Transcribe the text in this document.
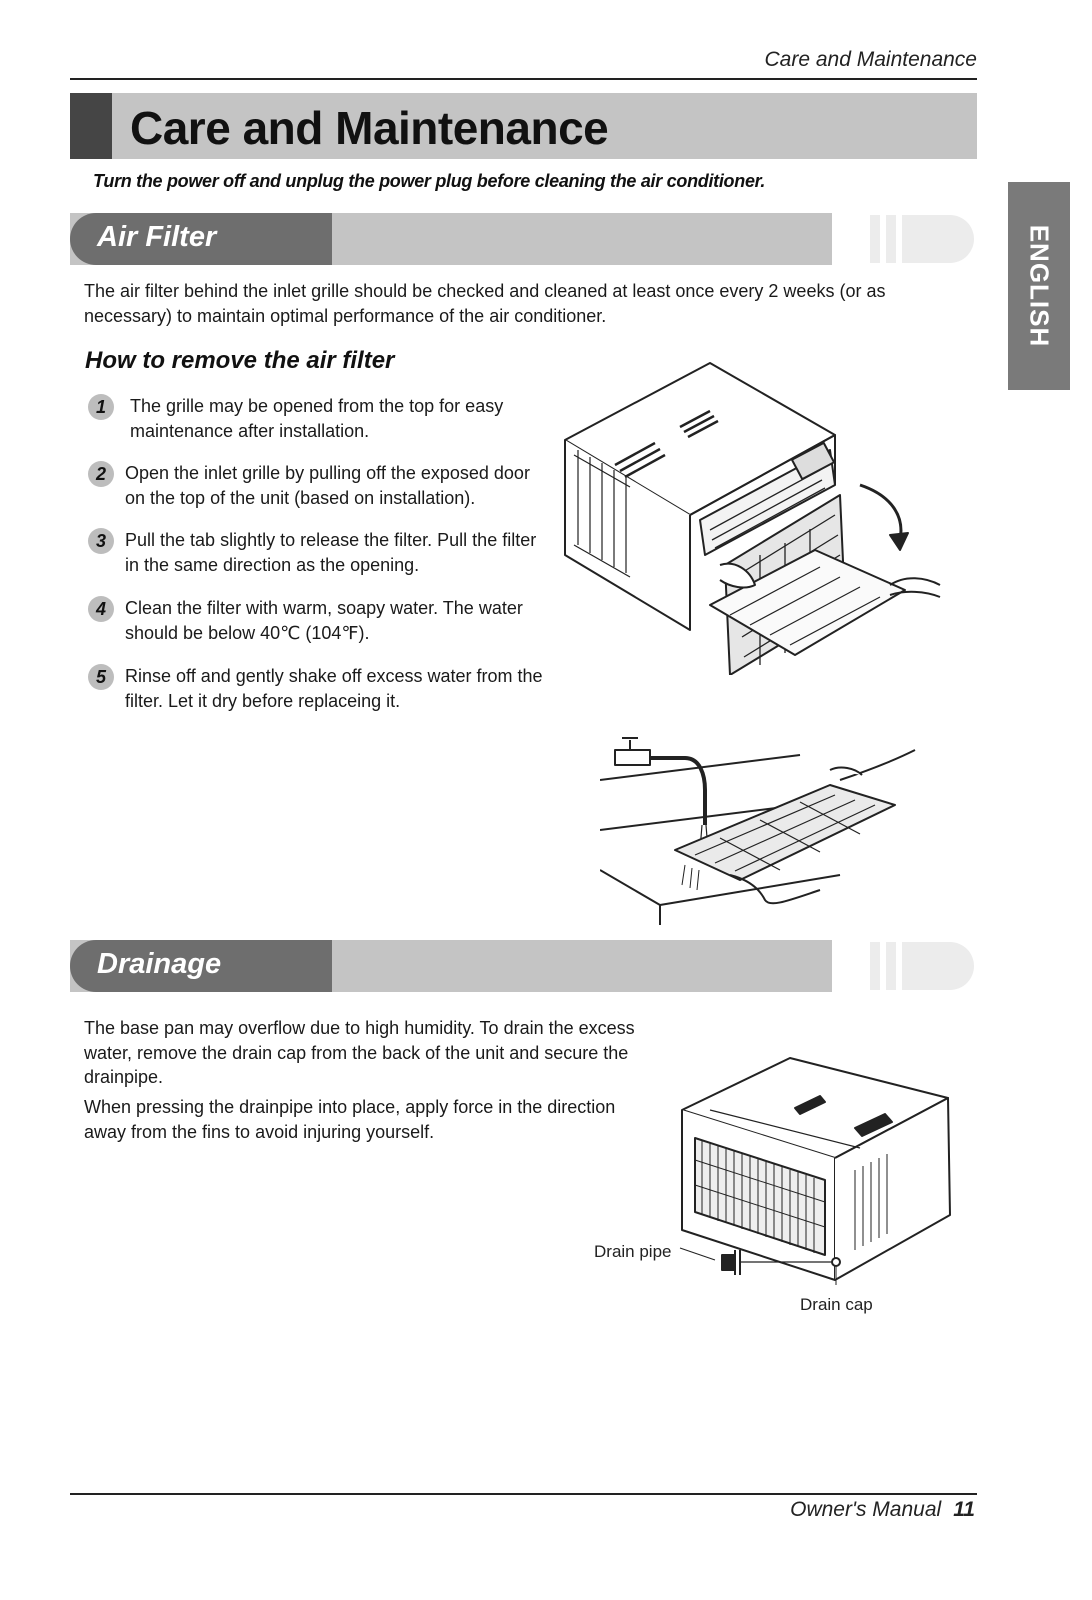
Care and Maintenance
Care and Maintenance
Turn the power off and unplug the power plug before cleaning the air conditioner.
ENGLISH
Air Filter
The air filter behind the inlet grille should be checked and cleaned at least once every 2 weeks (or as
necessary) to maintain optimal performance of the air conditioner.
How to remove the air filter
1	The grille may be opened from the top for easy
maintenance after installation.
2	Open the inlet grille by pulling off the exposed door
on the top of the unit (based on installation).
3	Pull the tab slightly to release the filter. Pull the filter
in the same direction as the opening.
4	Clean the filter with warm, soapy water. The water
should be below 40℃ (104℉).
5	Rinse off and gently shake off excess water from the
filter. Let it dry before replaceing it.
Drainage
The base pan may overflow due to high humidity. To drain the excess
water, remove the drain cap from the back of the unit and secure the
drainpipe.
When pressing the drainpipe into place, apply force in the direction
away from the fins to avoid injuring yourself.
Drain pipe
Drain cap
Owner's Manual 11
